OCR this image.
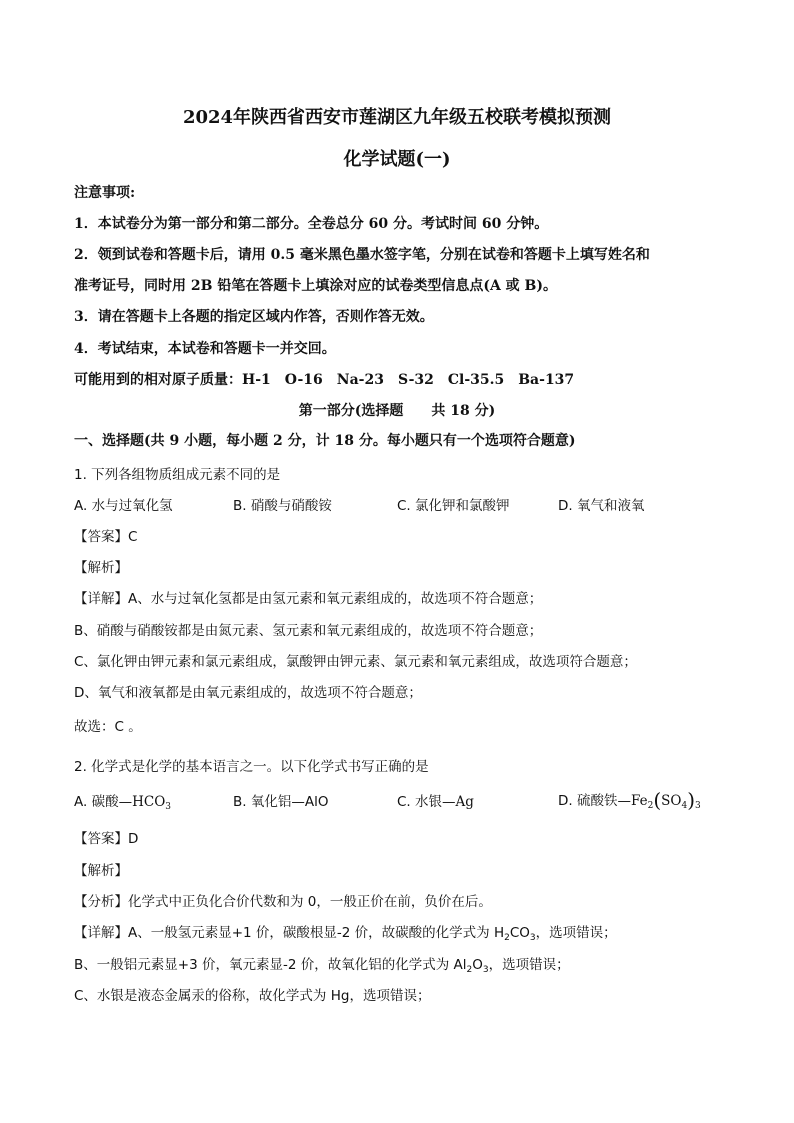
2024年陕西省西安市莲湖区九年级五校联考模拟预测
化学试题(一)
注意事项:
1．本试卷分为第一部分和第二部分。全卷总分 60 分。考试时间 60 分钟。
2．领到试卷和答题卡后，请用 0.5 毫米黑色墨水签字笔，分别在试卷和答题卡上填写姓名和
准考证号，同时用 2B 铅笔在答题卡上填涂对应的试卷类型信息点(A 或 B)。
3．请在答题卡上各题的指定区域内作答，否则作答无效。
4．考试结束，本试卷和答题卡一并交回。
可能用到的相对原子质量：H-1　O-16　Na-23　S-32　Cl-35.5　Ba-137
第一部分(选择题　　共 18 分)
一、选择题(共 9 小题，每小题 2 分，计 18 分。每小题只有一个选项符合题意)
1. 下列各组物质组成元素不同的是
A. 水与过氧化氢	B. 硝酸与硝酸铵	C. 氯化钾和氯酸钾	D. 氧气和液氧
【答案】C
【解析】
【详解】A、水与过氧化氢都是由氢元素和氧元素组成的，故选项不符合题意；
B、硝酸与硝酸铵都是由氮元素、氢元素和氧元素组成的，故选项不符合题意；
C、氯化钾由钾元素和氯元素组成，氯酸钾由钾元素、氯元素和氧元素组成，故选项符合题意；
D、氧气和液氧都是由氧元素组成的，故选项不符合题意；
故选：C 。
2. 化学式是化学的基本语言之一。以下化学式书写正确的是
A. 碳酸$—HCO_3$	B. 氧化铝—AlO	C. 水银—Ag	D. 硫酸铁$—Fe_2(SO_4)_3$
【答案】D
【解析】
【分析】化学式中正负化合价代数和为 0，一般正价在前，负价在后。
【详解】A、一般氢元素显+1 价，碳酸根显-2 价，故碳酸的化学式为 $H_2CO_3$，选项错误；
B、一般铝元素显+3 价，氧元素显-2 价，故氧化铝的化学式为 $Al_2O_3$，选项错误；
C、水银是液态金属汞的俗称，故化学式为 Hg，选项错误；
